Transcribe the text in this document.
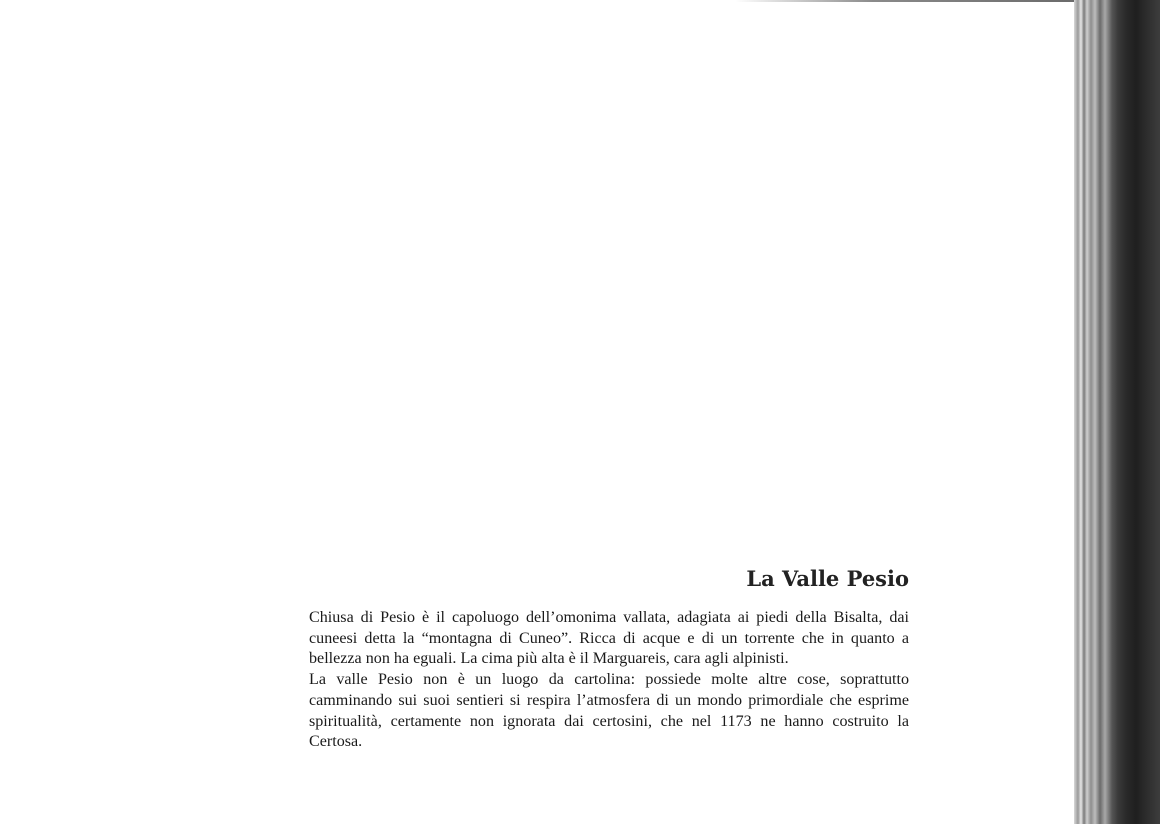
La Valle Pesio

Chiusa di Pesio è il capoluogo dell’omonima vallata, adagiata ai piedi della Bisalta, dai cuneesi detta la “montagna di Cuneo”. Ricca di acque e di un torrente che in quanto a bellezza non ha eguali. La cima più alta è il Marguareis, cara agli alpinisti.

La valle Pesio non è un luogo da cartolina: possiede molte altre cose, soprattutto camminando sui suoi sentieri si respira l’atmosfera di un mondo primordiale che esprime spiritualità, certamente non ignorata dai certosini, che nel 1173 ne hanno costruito la Certosa.
